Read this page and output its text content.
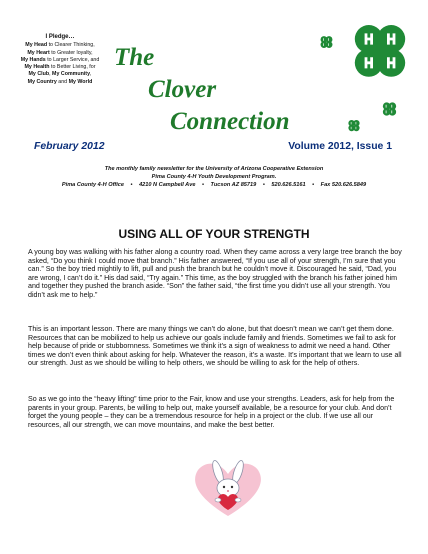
I Pledge…
My Head to Clearer Thinking,
My Heart to Greater loyalty,
My Hands to Larger Service, and
My Health to Better Living, for
My Club, My Community,
My Country and My World
The
Clover
Connection
February 2012	Volume 2012, Issue 1
The monthly family newsletter for the University of Arizona Cooperative Extension
Pima County 4-H Youth Development Program.
Pima County 4-H Office • 4210 N Campbell Ave • Tucson AZ 85719 • 520.626.5161 • Fax 520.626.5849
USING ALL OF YOUR STRENGTH

A young boy was walking with his father along a country road. When they came across a very large tree branch the boy asked, “Do you think I could move that branch.” His father answered, “If you use all of your strength, I’m sure that you can.” So the boy tried mightily to lift, pull and push the branch but he couldn’t move it. Discouraged he said, “Dad, you are wrong, I can’t do it.” His dad said, “Try again.” This time, as the boy struggled with the branch his father joined him and together they pushed the branch aside. “Son” the father said, “the first time you didn’t use all your strength. You didn’t ask me to help.”

This is an important lesson. There are many things we can’t do alone, but that doesn’t mean we can’t get them done. Resources that can be mobilized to help us achieve our goals include family and friends. Sometimes we fail to ask for help because of pride or stubbornness. Sometimes we think it’s a sign of weakness to admit we need a hand. Other times we don’t even think about asking for help. Whatever the reason, it’s a waste. It’s important that we learn to use all our strength. Just as we should be willing to help others, we should be willing to ask for the help of others.

So as we go into the “heavy lifting” time prior to the Fair, know and use your strengths. Leaders, ask for help from the parents in your group. Parents, be willing to help out, make yourself available, be a resource for your club. And don’t forget the young people – they can be a tremendous resource for help in a project or the club. If we use all our resources, all our strength, we can move mountains, and make the best better.
